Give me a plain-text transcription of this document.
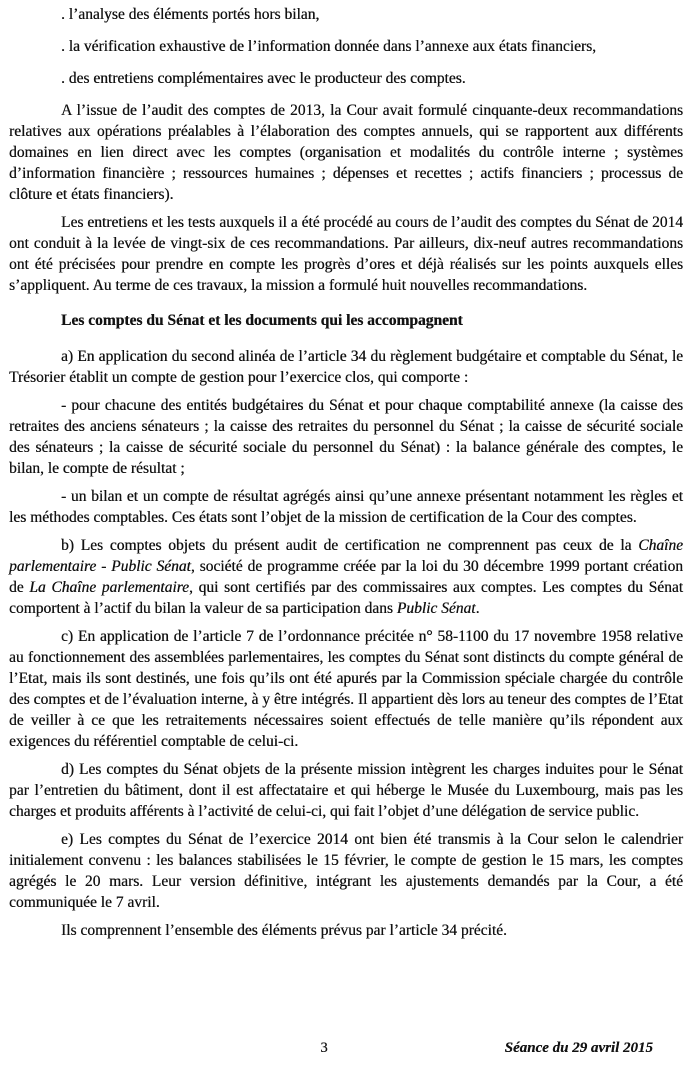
. l’analyse des éléments portés hors bilan,

. la vérification exhaustive de l’information donnée dans l’annexe aux états financiers,

. des entretiens complémentaires avec le producteur des comptes.

A l’issue de l’audit des comptes de 2013, la Cour avait formulé cinquante-deux recommandations relatives aux opérations préalables à l’élaboration des comptes annuels, qui se rapportent aux différents domaines en lien direct avec les comptes (organisation et modalités du contrôle interne ; systèmes d’information financière ; ressources humaines ; dépenses et recettes ; actifs financiers ; processus de clôture et états financiers).

Les entretiens et les tests auxquels il a été procédé au cours de l’audit des comptes du Sénat de 2014 ont conduit à la levée de vingt-six de ces recommandations. Par ailleurs, dix-neuf autres recommandations ont été précisées pour prendre en compte les progrès d’ores et déjà réalisés sur les points auxquels elles s’appliquent. Au terme de ces travaux, la mission a formulé huit nouvelles recommandations.

Les comptes du Sénat et les documents qui les accompagnent

a) En application du second alinéa de l’article 34 du règlement budgétaire et comptable du Sénat, le Trésorier établit un compte de gestion pour l’exercice clos, qui comporte :

- pour chacune des entités budgétaires du Sénat et pour chaque comptabilité annexe (la caisse des retraites des anciens sénateurs ; la caisse des retraites du personnel du Sénat ; la caisse de sécurité sociale des sénateurs ; la caisse de sécurité sociale du personnel du Sénat) : la balance générale des comptes, le bilan, le compte de résultat ;

- un bilan et un compte de résultat agrégés ainsi qu’une annexe présentant notamment les règles et les méthodes comptables. Ces états sont l’objet de la mission de certification de la Cour des comptes.

b) Les comptes objets du présent audit de certification ne comprennent pas ceux de la Chaîne parlementaire - Public Sénat, société de programme créée par la loi du 30 décembre 1999 portant création de La Chaîne parlementaire, qui sont certifiés par des commissaires aux comptes. Les comptes du Sénat comportent à l’actif du bilan la valeur de sa participation dans Public Sénat.

c) En application de l’article 7 de l’ordonnance précitée n° 58-1100 du 17 novembre 1958 relative au fonctionnement des assemblées parlementaires, les comptes du Sénat sont distincts du compte général de l’Etat, mais ils sont destinés, une fois qu’ils ont été apurés par la Commission spéciale chargée du contrôle des comptes et de l’évaluation interne, à y être intégrés. Il appartient dès lors au teneur des comptes de l’Etat de veiller à ce que les retraitements nécessaires soient effectués de telle manière qu’ils répondent aux exigences du référentiel comptable de celui-ci.

d) Les comptes du Sénat objets de la présente mission intègrent les charges induites pour le Sénat par l’entretien du bâtiment, dont il est affectataire et qui héberge le Musée du Luxembourg, mais pas les charges et produits afférents à l’activité de celui-ci, qui fait l’objet d’une délégation de service public.

e) Les comptes du Sénat de l’exercice 2014 ont bien été transmis à la Cour selon le calendrier initialement convenu : les balances stabilisées le 15 février, le compte de gestion le 15 mars, les comptes agrégés le 20 mars. Leur version définitive, intégrant les ajustements demandés par la Cour, a été communiquée le 7 avril.

Ils comprennent l’ensemble des éléments prévus par l’article 34 précité.

3	Séance du 29 avril 2015
